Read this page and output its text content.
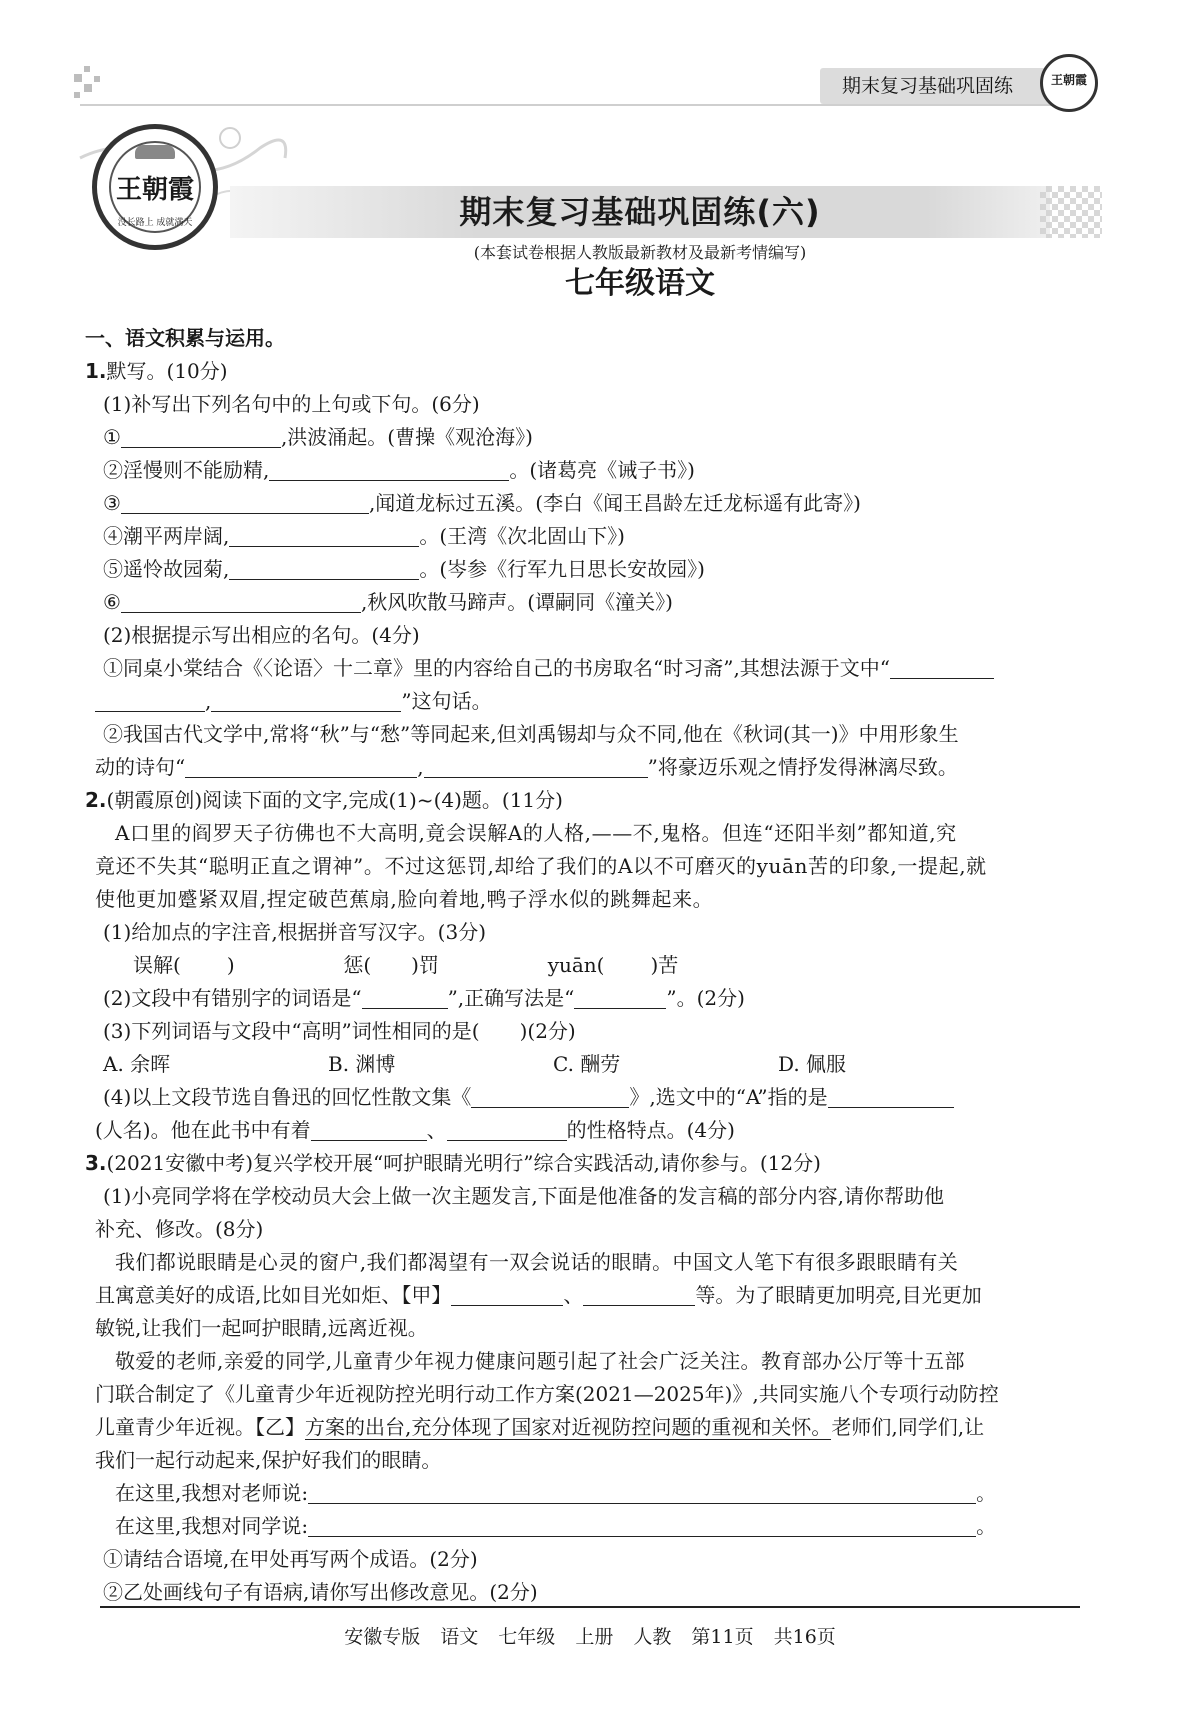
期末复习基础巩固练	王朝霞
王朝霞
没长路上 成就满天	期末复习基础巩固练(六)
(本套试卷根据人教版最新教材及最新考情编写)
七年级语文
一、语文积累与运用。
1.默写。(10分)
(1)补写出下列名句中的上句或下句。(6分)
①	,洪波涌起。(曹操《观沧海》)
②淫慢则不能励精,	。(诸葛亮《诫子书》)
③	,闻道龙标过五溪。(李白《闻王昌龄左迁龙标遥有此寄》)
④潮平两岸阔,	。(王湾《次北固山下》)
⑤遥怜故园菊,	。(岑参《行军九日思长安故园》)
⑥	,秋风吹散马蹄声。(谭嗣同《潼关》)
(2)根据提示写出相应的名句。(4分)
①同桌小棠结合《〈论语〉十二章》里的内容给自己的书房取名“时习斋”,其想法源于文中“
,	”这句话。
②我国古代文学中,常将“秋”与“愁”等同起来,但刘禹锡却与众不同,他在《秋词(其一)》中用形象生
动的诗句“	,	”将豪迈乐观之情抒发得淋漓尽致。
2.(朝霞原创)阅读下面的文字,完成(1)~(4)题。(11分)
A口里的阎罗天子彷佛也不大高明,竟会误解A的人格,——不,鬼格。但连“还阳半刻”都知道,究
竟还不失其“聪明正直之谓神”。不过这惩罚,却给了我们的A以不可磨灭的yuān苦的印象,一提起,就
使他更加蹙紧双眉,捏定破芭蕉扇,脸向着地,鸭子浮水似的跳舞起来。
(1)给加点的字注音,根据拼音写汉字。(3分)
误解( )	惩( )罚	yuān( )苦
(2)文段中有错别字的词语是“	”,正确写法是“	”。(2分)
(3)下列词语与文段中“高明”词性相同的是( )(2分)
A. 余晖	B. 渊博	C. 酬劳	D. 佩服
(4)以上文段节选自鲁迅的回忆性散文集《	》,选文中的“A”指的是
(人名)。他在此书中有着	、	的性格特点。(4分)
3.(2021安徽中考)复兴学校开展“呵护眼睛光明行”综合实践活动,请你参与。(12分)
(1)小亮同学将在学校动员大会上做一次主题发言,下面是他准备的发言稿的部分内容,请你帮助他
补充、修改。(8分)
我们都说眼睛是心灵的窗户,我们都渴望有一双会说话的眼睛。中国文人笔下有很多跟眼睛有关
且寓意美好的成语,比如目光如炬、【甲】	、	等。为了眼睛更加明亮,目光更加
敏锐,让我们一起呵护眼睛,远离近视。
敬爱的老师,亲爱的同学,儿童青少年视力健康问题引起了社会广泛关注。教育部办公厅等十五部
门联合制定了《儿童青少年近视防控光明行动工作方案(2021—2025年)》,共同实施八个专项行动防控
儿童青少年近视。【乙】方案的出台,充分体现了国家对近视防控问题的重视和关怀。老师们,同学们,让
我们一起行动起来,保护好我们的眼睛。
在这里,我想对老师说:	。
在这里,我想对同学说:	。
①请结合语境,在甲处再写两个成语。(2分)
②乙处画线句子有语病,请你写出修改意见。(2分)
安徽专版 语文 七年级 上册 人教 第11页 共16页
